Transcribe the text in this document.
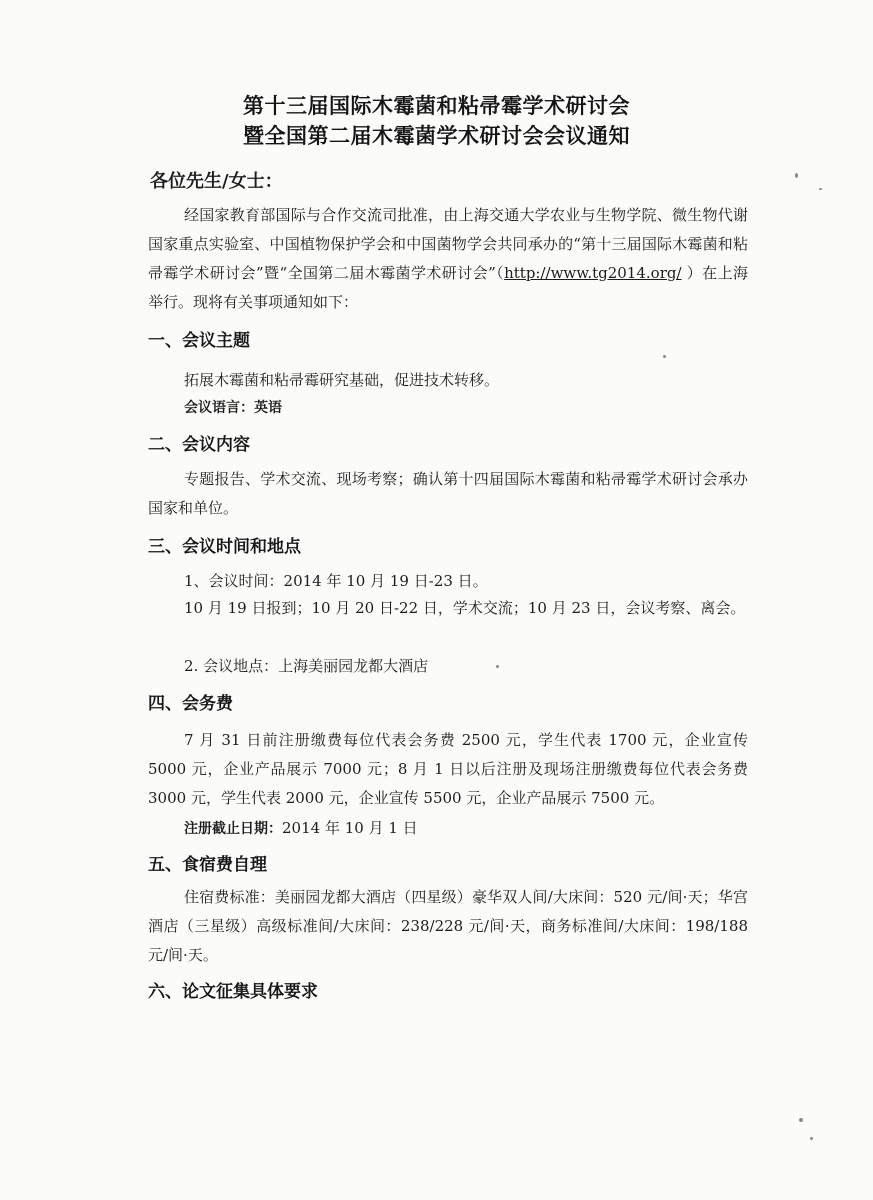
第十三届国际木霉菌和粘帚霉学术研讨会
暨全国第二届木霉菌学术研讨会会议通知
各位先生/女士：
经国家教育部国际与合作交流司批准，由上海交通大学农业与生物学院、微生物代谢国家重点实验室、中国植物保护学会和中国菌物学会共同承办的“第十三届国际木霉菌和粘帚霉学术研讨会”暨“全国第二届木霉菌学术研讨会”（http://www.tg2014.org/ ）在上海举行。现将有关事项通知如下：
一、会议主题
拓展木霉菌和粘帚霉研究基础，促进技术转移。
会议语言：英语
二、会议内容
专题报告、学术交流、现场考察；确认第十四届国际木霉菌和粘帚霉学术研讨会承办国家和单位。
三、会议时间和地点
1、会议时间：2014 年 10 月 19 日-23 日。
10 月 19 日报到；10 月 20 日-22 日，学术交流；10 月 23 日，会议考察、离会。
2. 会议地点：上海美丽园龙都大酒店
四、会务费
7 月 31 日前注册缴费每位代表会务费 2500 元，学生代表 1700 元，企业宣传 5000 元，企业产品展示 7000 元；8 月 1 日以后注册及现场注册缴费每位代表会务费 3000 元，学生代表 2000 元，企业宣传 5500 元，企业产品展示 7500 元。
注册截止日期：2014 年 10 月 1 日
五、食宿费自理
住宿费标准：美丽园龙都大酒店（四星级）豪华双人间/大床间：520 元/间·天；华宫酒店（三星级）高级标准间/大床间：238/228 元/间·天，商务标准间/大床间：198/188 元/间·天。
六、论文征集具体要求
